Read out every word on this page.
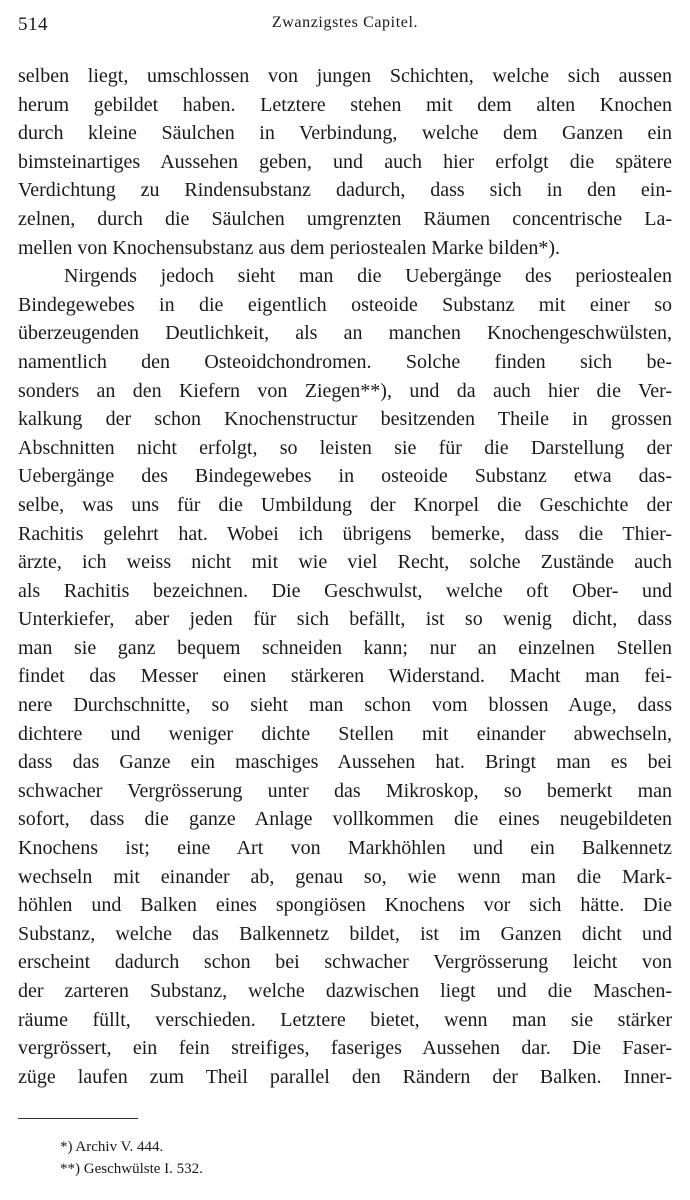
514	Zwanzigstes Capitel.
selben liegt, umschlossen von jungen Schichten, welche sich aussen
herum gebildet haben. Letztere stehen mit dem alten Knochen
durch kleine Säulchen in Verbindung, welche dem Ganzen ein
bimsteinartiges Aussehen geben, und auch hier erfolgt die spätere
Verdichtung zu Rindensubstanz dadurch, dass sich in den ein-
zelnen, durch die Säulchen umgrenzten Räumen concentrische La-
mellen von Knochensubstanz aus dem periostealen Marke bilden*).
Nirgends jedoch sieht man die Uebergänge des periostealen
Bindegewebes in die eigentlich osteoide Substanz mit einer so
überzeugenden Deutlichkeit, als an manchen Knochengeschwülsten,
namentlich den Osteoidchondromen. Solche finden sich be-
sonders an den Kiefern von Ziegen**), und da auch hier die Ver-
kalkung der schon Knochenstructur besitzenden Theile in grossen
Abschnitten nicht erfolgt, so leisten sie für die Darstellung der
Uebergänge des Bindegewebes in osteoide Substanz etwa das-
selbe, was uns für die Umbildung der Knorpel die Geschichte der
Rachitis gelehrt hat. Wobei ich übrigens bemerke, dass die Thier-
ärzte, ich weiss nicht mit wie viel Recht, solche Zustände auch
als Rachitis bezeichnen. Die Geschwulst, welche oft Ober- und
Unterkiefer, aber jeden für sich befällt, ist so wenig dicht, dass
man sie ganz bequem schneiden kann; nur an einzelnen Stellen
findet das Messer einen stärkeren Widerstand. Macht man fei-
nere Durchschnitte, so sieht man schon vom blossen Auge, dass
dichtere und weniger dichte Stellen mit einander abwechseln,
dass das Ganze ein maschiges Aussehen hat. Bringt man es bei
schwacher Vergrösserung unter das Mikroskop, so bemerkt man
sofort, dass die ganze Anlage vollkommen die eines neugebildeten
Knochens ist; eine Art von Markhöhlen und ein Balkennetz
wechseln mit einander ab, genau so, wie wenn man die Mark-
höhlen und Balken eines spongiösen Knochens vor sich hätte. Die
Substanz, welche das Balkennetz bildet, ist im Ganzen dicht und
erscheint dadurch schon bei schwacher Vergrösserung leicht von
der zarteren Substanz, welche dazwischen liegt und die Maschen-
räume füllt, verschieden. Letztere bietet, wenn man sie stärker
vergrössert, ein fein streifiges, faseriges Aussehen dar. Die Faser-
züge laufen zum Theil parallel den Rändern der Balken. Inner-
*) Archiv V. 444.
**) Geschwülste I. 532.
